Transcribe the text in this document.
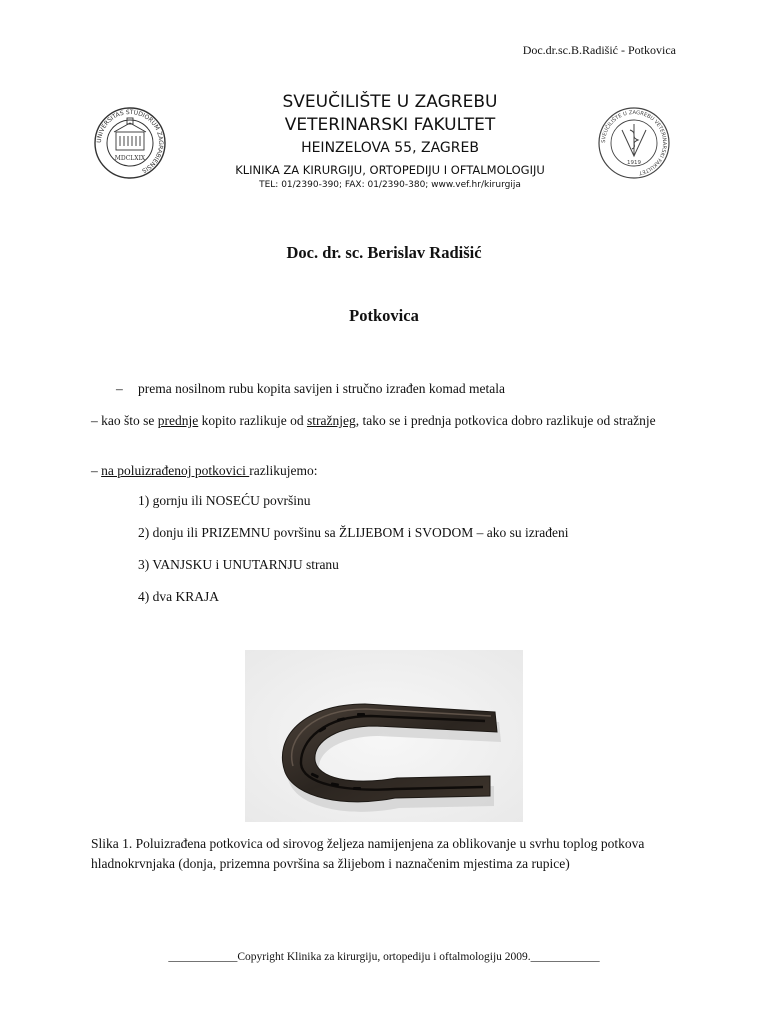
Doc.dr.sc.B.Radišić - Potkovica
UNIVERSITAS STUDIORUM ZAGRABIENSIS
MDCLXIX
SVEUČILIŠTE U ZAGREBU VETERINARSKI FAKULTET
1919
SVEUČILIŠTE U ZAGREBU
VETERINARSKI FAKULTET
HEINZELOVA 55, ZAGREB
KLINIKA ZA KIRURGIJU, ORTOPEDIJU I OFTALMOLOGIJU
TEL: 01/2390-390; FAX: 01/2390-380; www.vef.hr/kirurgija
Doc. dr. sc. Berislav Radišić
Potkovica
– prema nosilnom rubu kopita savijen i stručno izrađen komad metala
– kao što se prednje kopito razlikuje od stražnjeg, tako se i prednja potkovica dobro razlikuje od stražnje
– na poluizrađenoj potkovici razlikujemo:
1) gornju ili NOSEĆU površinu
2) donju ili PRIZEMNU površinu sa ŽLIJEBOM i SVODOM – ako su izrađeni
3) VANJSKU i UNUTARNJU stranu
4) dva KRAJA
Slika 1. Poluizrađena potkovica od sirovog željeza namijenjena za oblikovanje u svrhu toplog potkova hladnokrvnjaka (donja, prizemna površina sa žlijebom i naznačenim mjestima za rupice)
____________Copyright Klinika za kirurgiju, ortopediju i oftalmologiju 2009.____________
